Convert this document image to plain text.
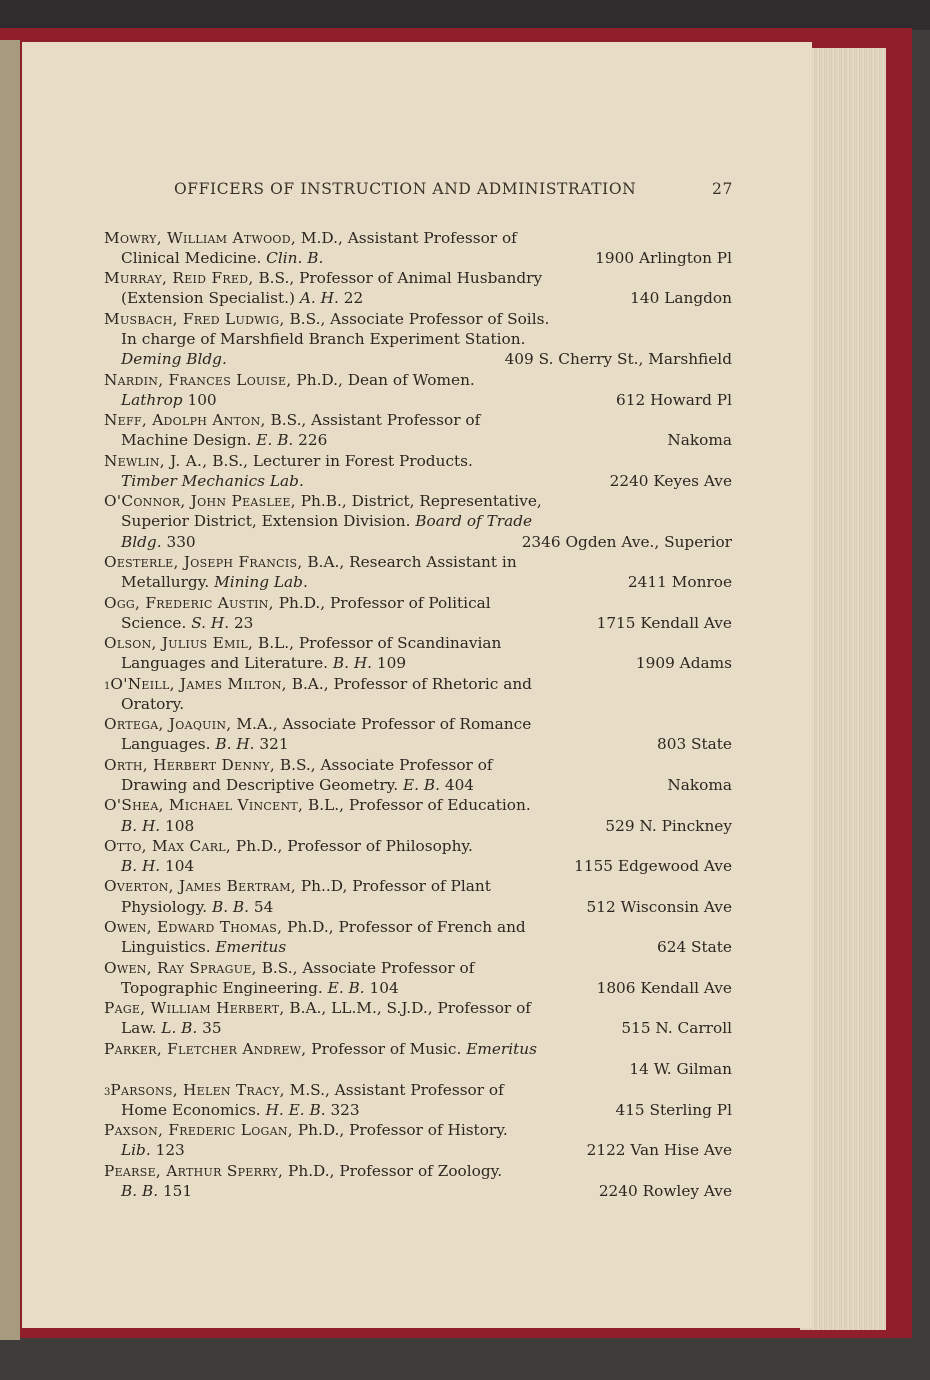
OFFICERS OF INSTRUCTION AND ADMINISTRATION	27
Mowry, William Atwood, M.D., Assistant Professor of
Clinical Medicine. Clin. B.	1900 Arlington Pl
Murray, Reid Fred, B.S., Professor of Animal Husbandry
(Extension Specialist.) A. H. 22	140 Langdon
Musbach, Fred Ludwig, B.S., Associate Professor of Soils.
In charge of Marshfield Branch Experiment Station.
Deming Bldg.	409 S. Cherry St., Marshfield
Nardin, Frances Louise, Ph.D., Dean of Women.
Lathrop 100	612 Howard Pl
Neff, Adolph Anton, B.S., Assistant Professor of
Machine Design. E. B. 226	Nakoma
Newlin, J. A., B.S., Lecturer in Forest Products.
Timber Mechanics Lab.	2240 Keyes Ave
O'Connor, John Peaslee, Ph.B., District, Representative,
Superior District, Extension Division. Board of Trade
Bldg. 330	2346 Ogden Ave., Superior
Oesterle, Joseph Francis, B.A., Research Assistant in
Metallurgy. Mining Lab.	2411 Monroe
Ogg, Frederic Austin, Ph.D., Professor of Political
Science. S. H. 23	1715 Kendall Ave
Olson, Julius Emil, B.L., Professor of Scandinavian
Languages and Literature. B. H. 109	1909 Adams
1O'Neill, James Milton, B.A., Professor of Rhetoric and
Oratory.
Ortega, Joaquin, M.A., Associate Professor of Romance
Languages. B. H. 321	803 State
Orth, Herbert Denny, B.S., Associate Professor of
Drawing and Descriptive Geometry. E. B. 404	Nakoma
O'Shea, Michael Vincent, B.L., Professor of Education.
B. H. 108	529 N. Pinckney
Otto, Max Carl, Ph.D., Professor of Philosophy.
B. H. 104	1155 Edgewood Ave
Overton, James Bertram, Ph..D, Professor of Plant
Physiology. B. B. 54	512 Wisconsin Ave
Owen, Edward Thomas, Ph.D., Professor of French and
Linguistics. Emeritus	624 State
Owen, Ray Sprague, B.S., Associate Professor of
Topographic Engineering. E. B. 104	1806 Kendall Ave
Page, William Herbert, B.A., LL.M., S.J.D., Professor of
Law. L. B. 35	515 N. Carroll
Parker, Fletcher Andrew, Professor of Music. Emeritus
14 W. Gilman
3Parsons, Helen Tracy, M.S., Assistant Professor of
Home Economics. H. E. B. 323	415 Sterling Pl
Paxson, Frederic Logan, Ph.D., Professor of History.
Lib. 123	2122 Van Hise Ave
Pearse, Arthur Sperry, Ph.D., Professor of Zoology.
B. B. 151	2240 Rowley Ave
